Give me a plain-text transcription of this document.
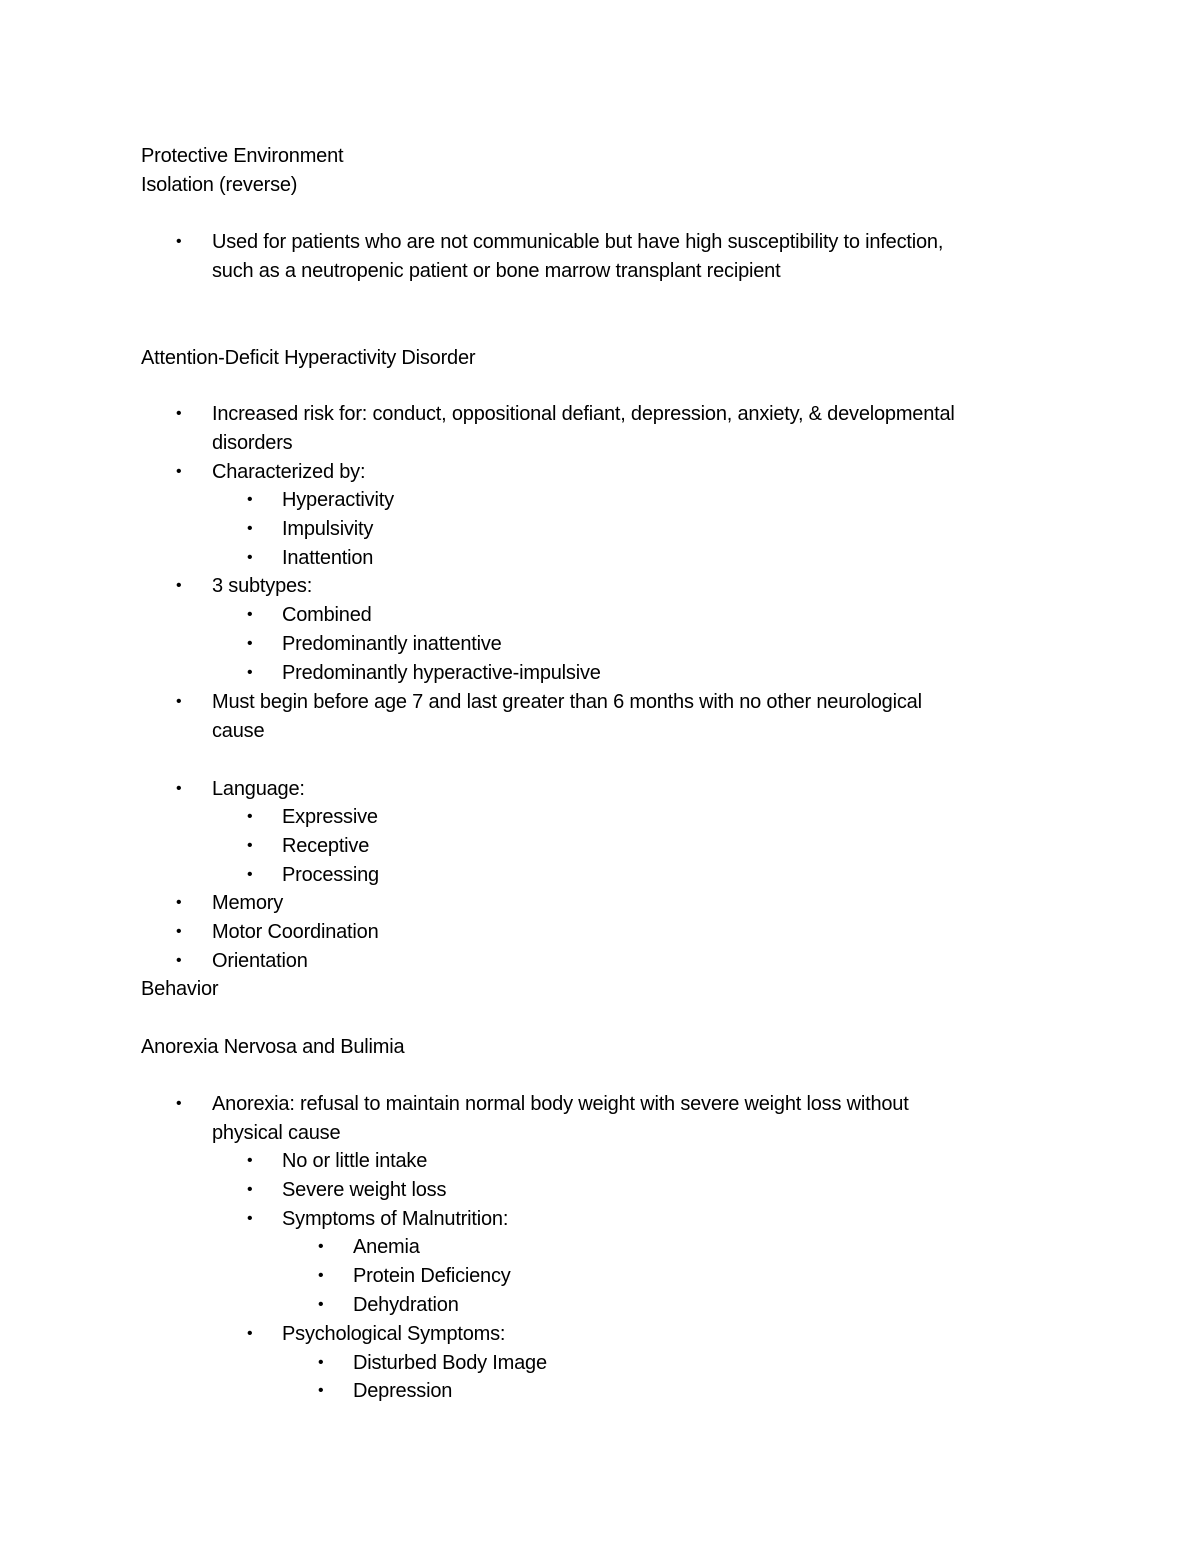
Protective Environment
Isolation (reverse)
• Used for patients who are not communicable but have high susceptibility to infection,
such as a neutropenic patient or bone marrow transplant recipient
Attention-Deficit Hyperactivity Disorder
• Increased risk for: conduct, oppositional defiant, depression, anxiety, & developmental
disorders
• Characterized by:
• Hyperactivity
• Impulsivity
• Inattention
• 3 subtypes:
• Combined
• Predominantly inattentive
• Predominantly hyperactive-impulsive
• Must begin before age 7 and last greater than 6 months with no other neurological
cause
• Language:
• Expressive
• Receptive
• Processing
• Memory
• Motor Coordination
• Orientation
Behavior
Anorexia Nervosa and Bulimia
• Anorexia: refusal to maintain normal body weight with severe weight loss without
physical cause
• No or little intake
• Severe weight loss
• Symptoms of Malnutrition:
• Anemia
• Protein Deficiency
• Dehydration
• Psychological Symptoms:
• Disturbed Body Image
• Depression
